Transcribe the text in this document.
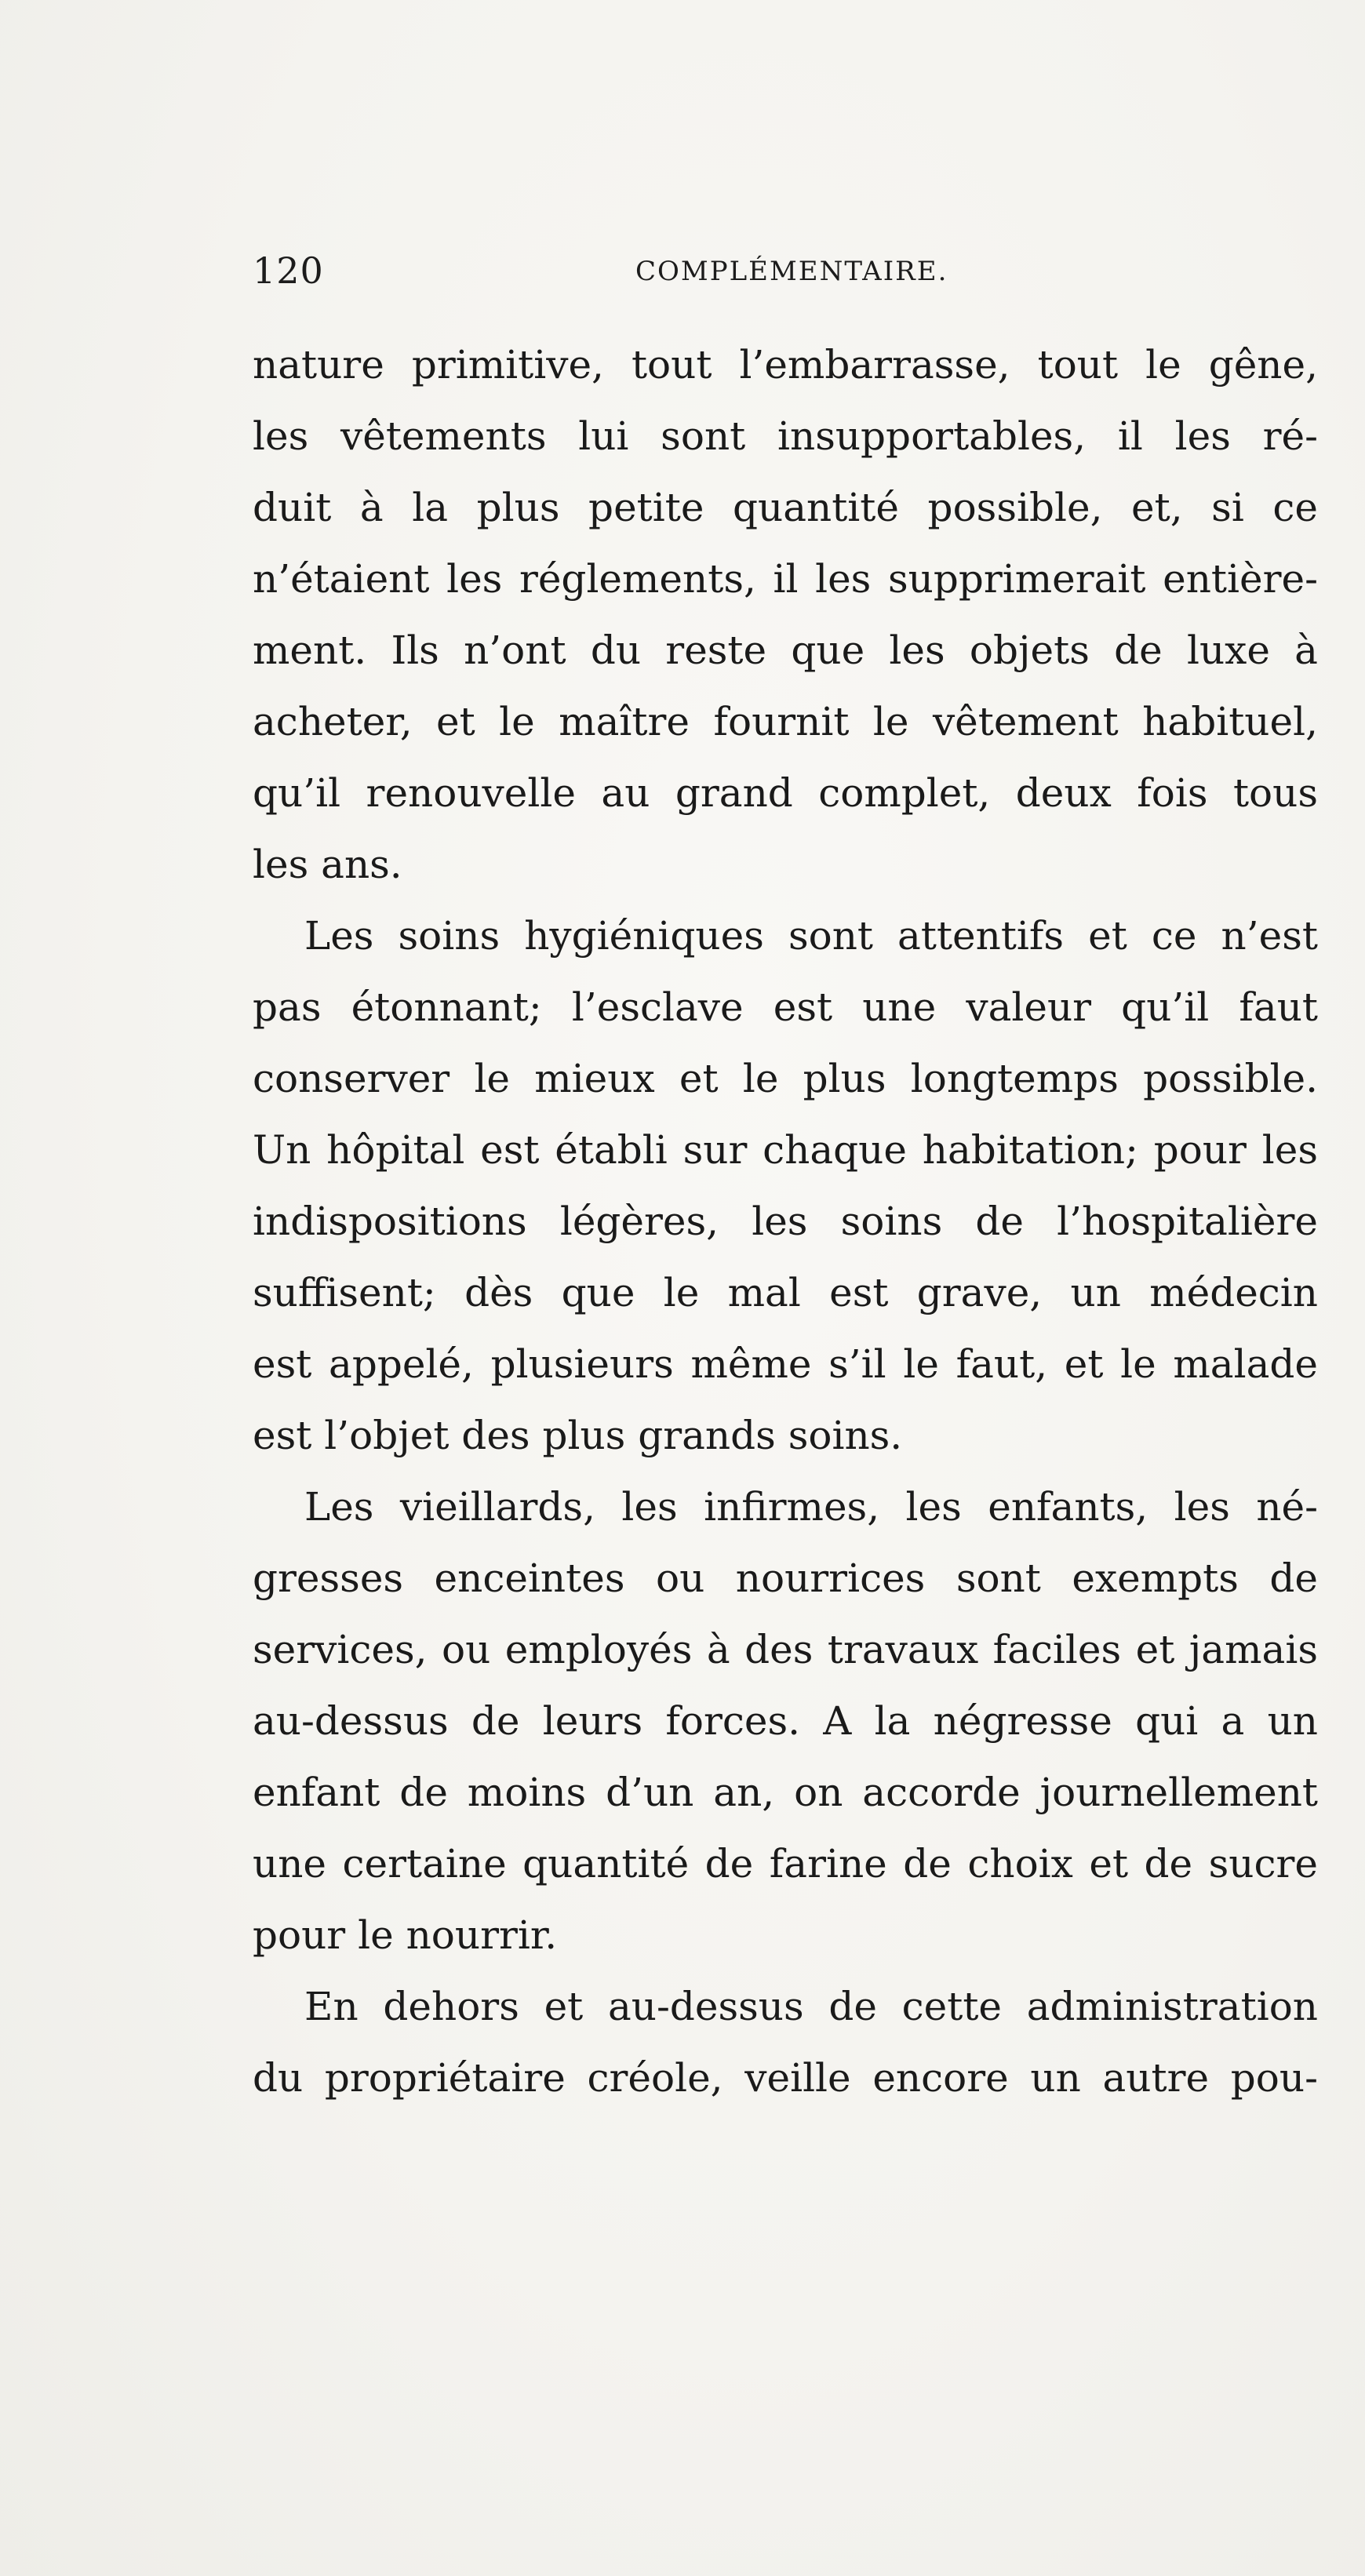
120	COMPLÉMENTAIRE.
nature primitive, tout l’embarrasse, tout le gêne,
les vêtements lui sont insupportables, il les ré-
duit à la plus petite quantité possible, et, si ce
n’étaient les réglements, il les supprimerait entière-
ment. Ils n’ont du reste que les objets de luxe à
acheter, et le maître fournit le vêtement habituel,
qu’il renouvelle au grand complet, deux fois tous
les ans.
Les soins hygiéniques sont attentifs et ce n’est
pas étonnant; l’esclave est une valeur qu’il faut
conserver le mieux et le plus longtemps possible.
Un hôpital est établi sur chaque habitation; pour les
indispositions légères, les soins de l’hospitalière
suffisent; dès que le mal est grave, un médecin
est appelé, plusieurs même s’il le faut, et le malade
est l’objet des plus grands soins.
Les vieillards, les infirmes, les enfants, les né-
gresses enceintes ou nourrices sont exempts de
services, ou employés à des travaux faciles et jamais
au-dessus de leurs forces. A la négresse qui a un
enfant de moins d’un an, on accorde journellement
une certaine quantité de farine de choix et de sucre
pour le nourrir.
En dehors et au-dessus de cette administration
du propriétaire créole, veille encore un autre pou-
